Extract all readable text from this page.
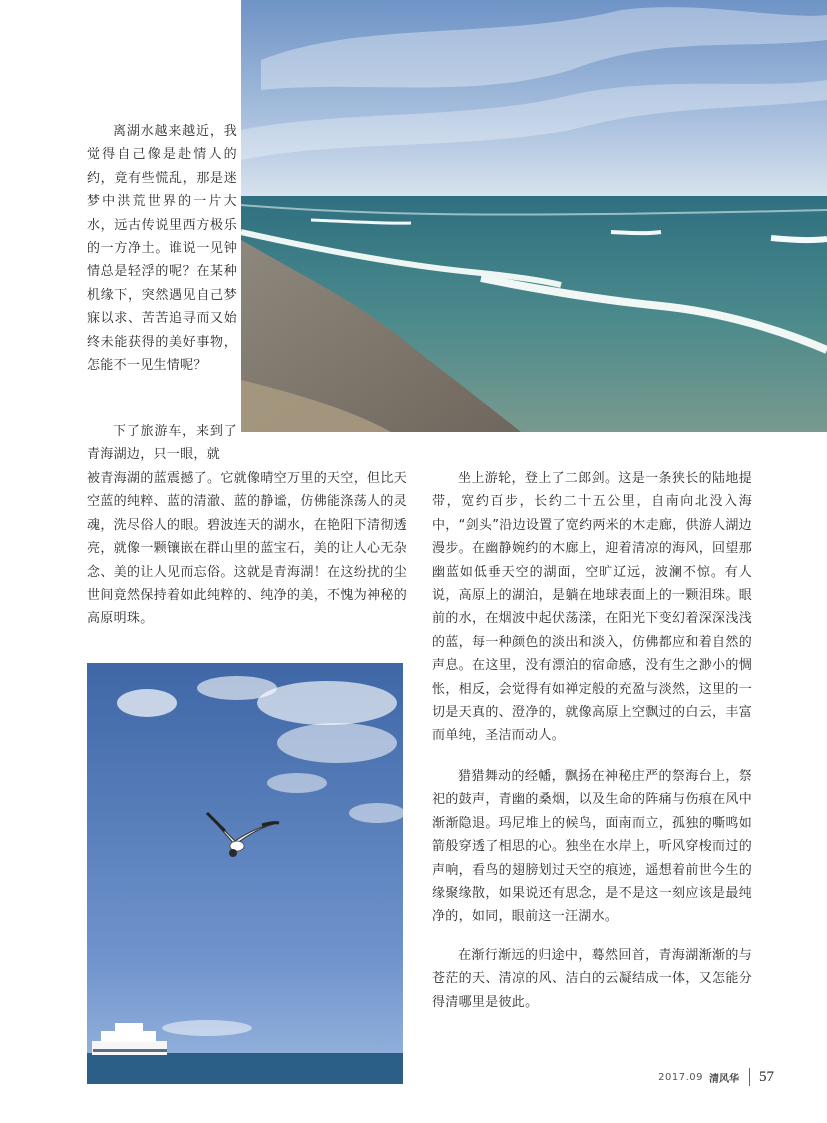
离湖水越来越近，我觉得自己像是赴情人的约，竟有些慌乱，那是迷梦中洪荒世界的一片大水，远古传说里西方极乐的一方净土。谁说一见钟情总是轻浮的呢？在某种机缘下，突然遇见自己梦寐以求、苦苦追寻而又始终未能获得的美好事物，怎能不一见生情呢？

下了旅游车，来到了青海湖边，只一眼，就

被青海湖的蓝震撼了。它就像晴空万里的天空，但比天空蓝的纯粹、蓝的清澈、蓝的静谧，仿佛能涤荡人的灵魂，洗尽俗人的眼。碧波连天的湖水，在艳阳下清彻透亮，就像一颗镶嵌在群山里的蓝宝石，美的让人心无杂念、美的让人见而忘俗。这就是青海湖！在这纷扰的尘世间竟然保持着如此纯粹的、纯净的美，不愧为神秘的高原明珠。

坐上游轮，登上了二郎剑。这是一条狭长的陆地提带，宽约百步，长约二十五公里，自南向北没入海中，“剑头”沿边设置了宽约两米的木走廊，供游人湖边漫步。在幽静婉约的木廊上，迎着清凉的海风，回望那幽蓝如低垂天空的湖面，空旷辽远，波澜不惊。有人说，高原上的湖泊，是躺在地球表面上的一颗泪珠。眼前的水，在烟波中起伏荡漾，在阳光下变幻着深深浅浅的蓝，每一种颜色的淡出和淡入，仿佛都应和着自然的声息。在这里，没有漂泊的宿命感，没有生之渺小的惆怅，相反，会觉得有如禅定般的充盈与淡然，这里的一切是天真的、澄净的，就像高原上空飘过的白云，丰富而单纯，圣洁而动人。

猎猎舞动的经幡，飘扬在神秘庄严的祭海台上，祭祀的鼓声，青幽的桑烟，以及生命的阵痛与伤痕在风中渐渐隐退。玛尼堆上的候鸟，面南而立，孤独的嘶鸣如箭般穿透了相思的心。独坐在水岸上，听风穿梭而过的声响，看鸟的翅膀划过天空的痕迹，遥想着前世今生的缘聚缘散，如果说还有思念，是不是这一刻应该是最纯净的，如同，眼前这一汪湖水。

在渐行渐远的归途中，蓦然回首，青海湖渐渐的与苍茫的天、清凉的风、洁白的云凝结成一体，又怎能分得清哪里是彼此。

2017.09 清风华 57
